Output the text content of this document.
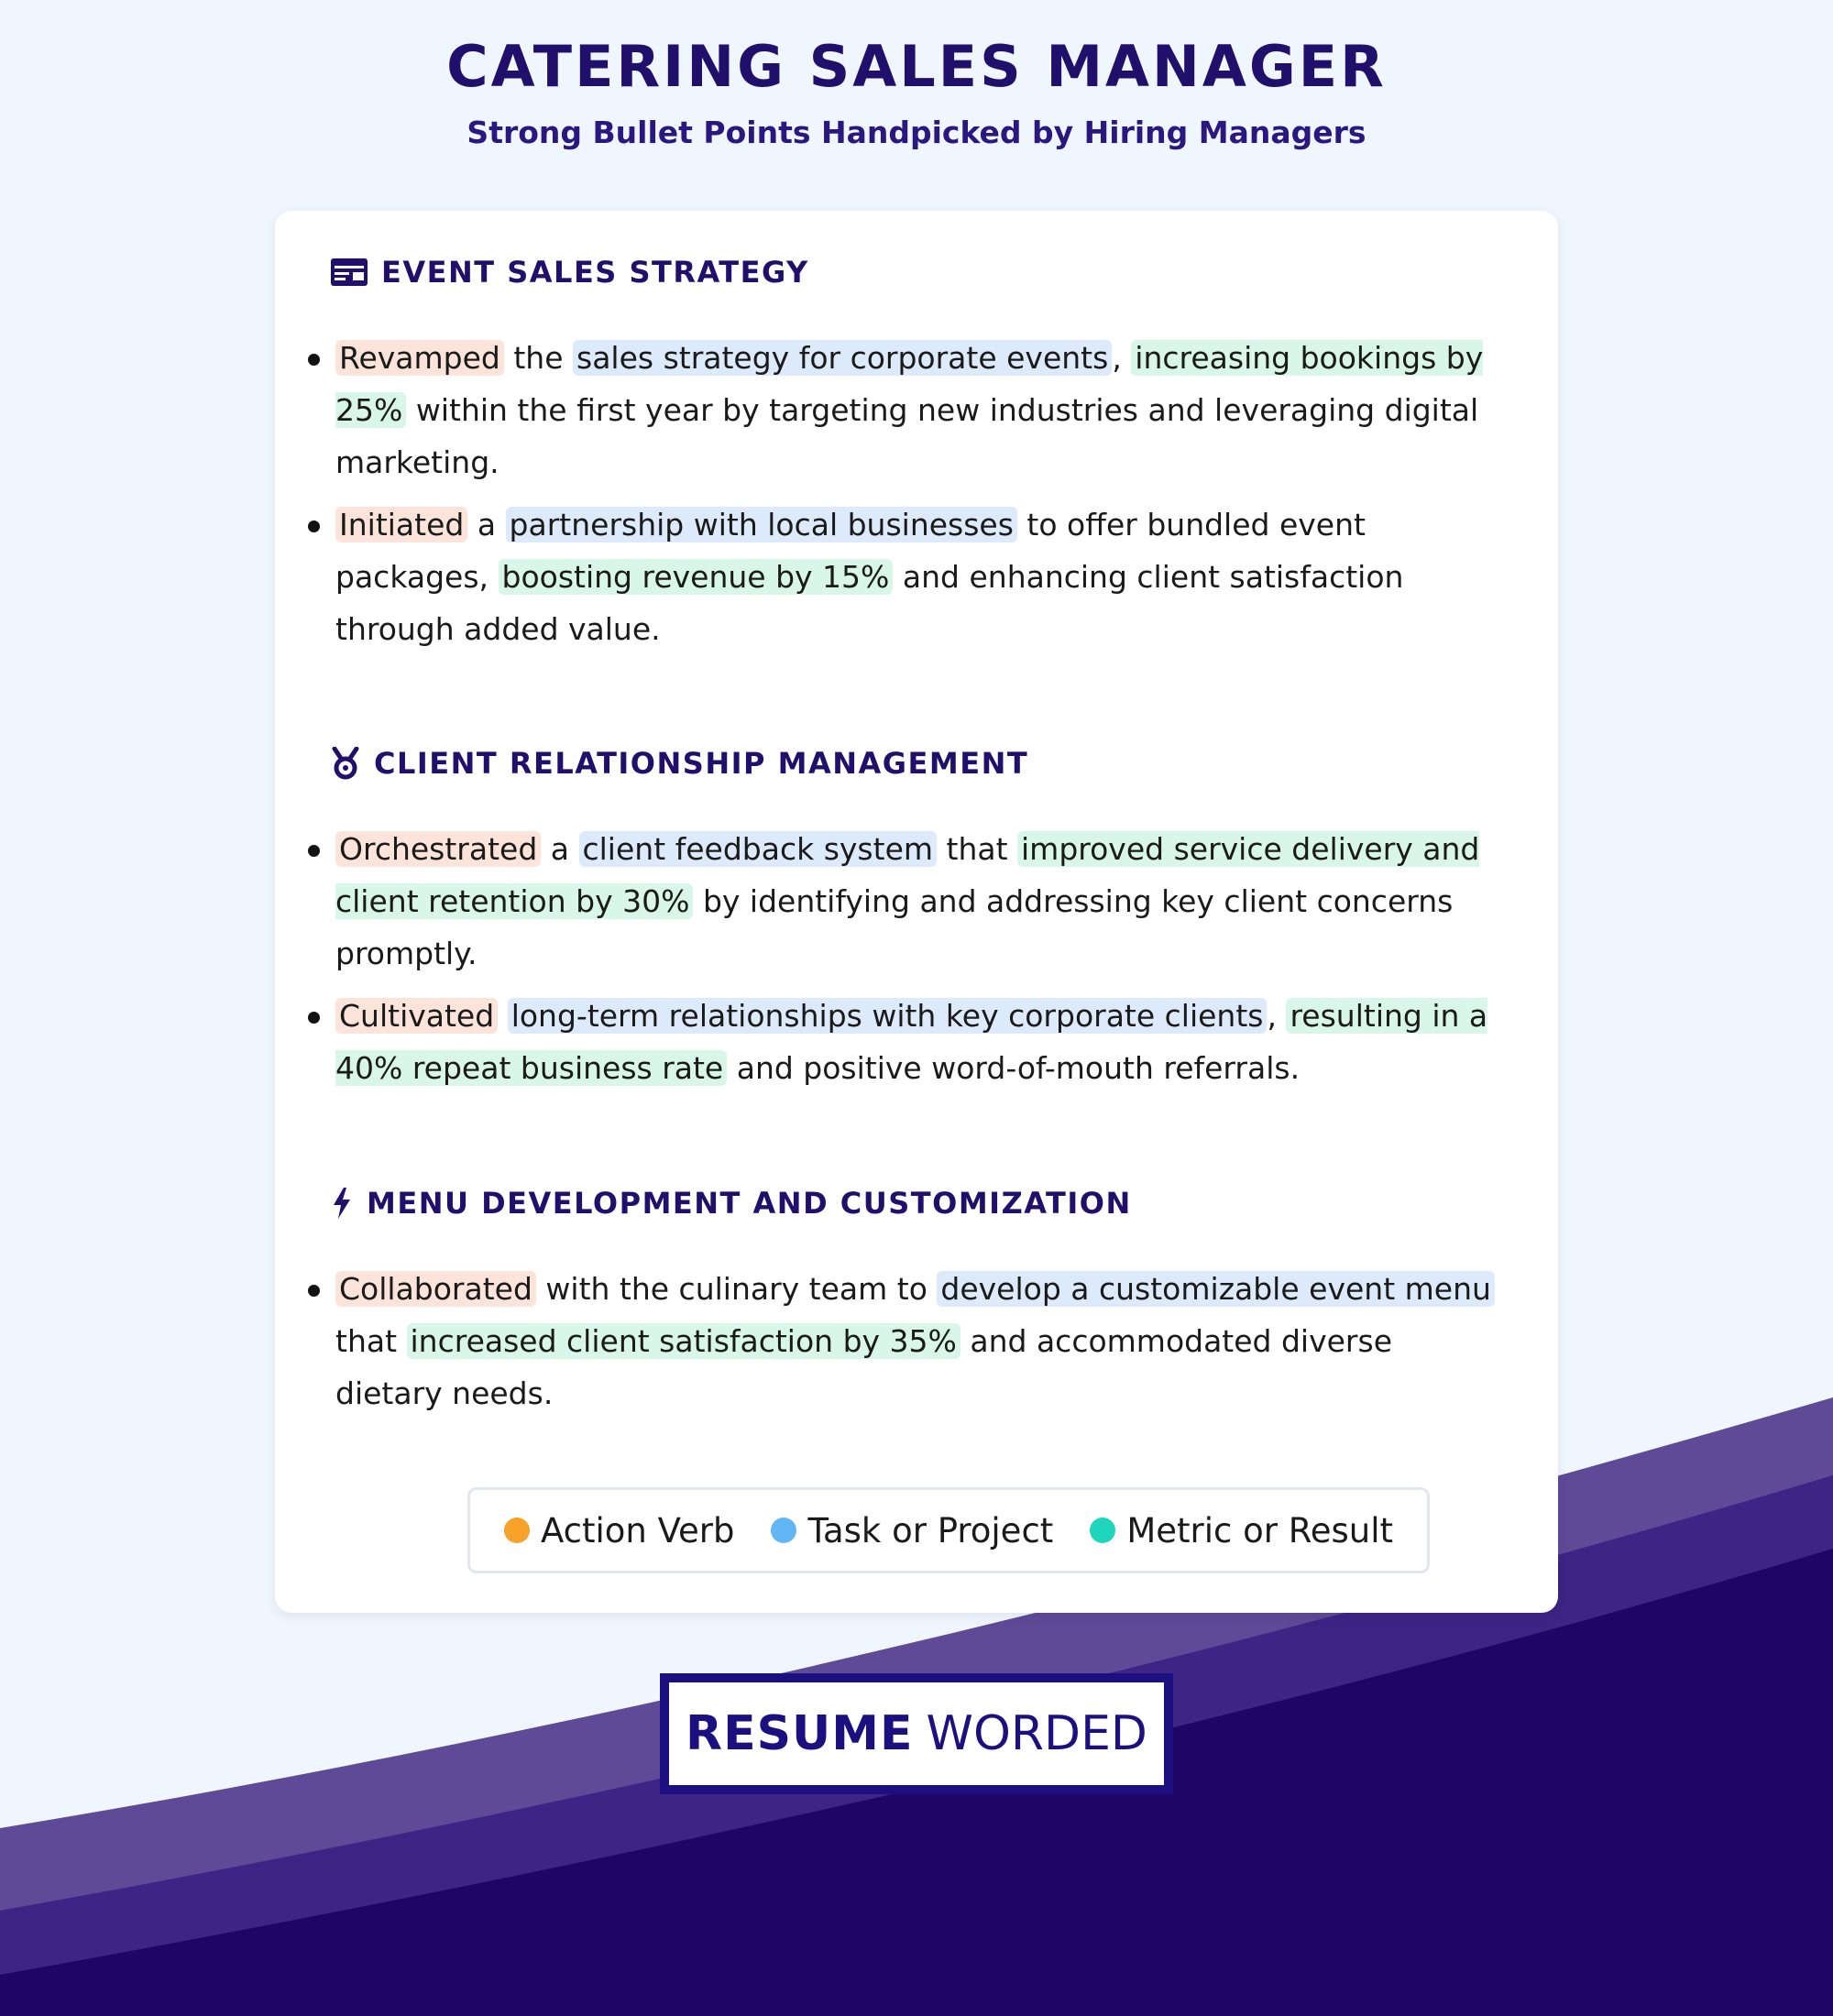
CATERING SALES MANAGER
Strong Bullet Points Handpicked by Hiring Managers
EVENT SALES STRATEGY
Revamped the sales strategy for corporate events , increasing bookings by 25% within the first year by targeting new industries and leveraging digital marketing.
Initiated a partnership with local businesses to offer bundled event packages, boosting revenue by 15% and enhancing client satisfaction through added value.
CLIENT RELATIONSHIP MANAGEMENT
Orchestrated a client feedback system that improved service delivery and client retention by 30% by identifying and addressing key client concerns promptly.
Cultivated long-term relationships with key corporate clients , resulting in a 40% repeat business rate and positive word-of-mouth referrals.
MENU DEVELOPMENT AND CUSTOMIZATION
Collaborated with the culinary team to develop a customizable event menu that increased client satisfaction by 35% and accommodated diverse dietary needs.
Action Verb Task or Project Metric or Result
RESUME WORDED
